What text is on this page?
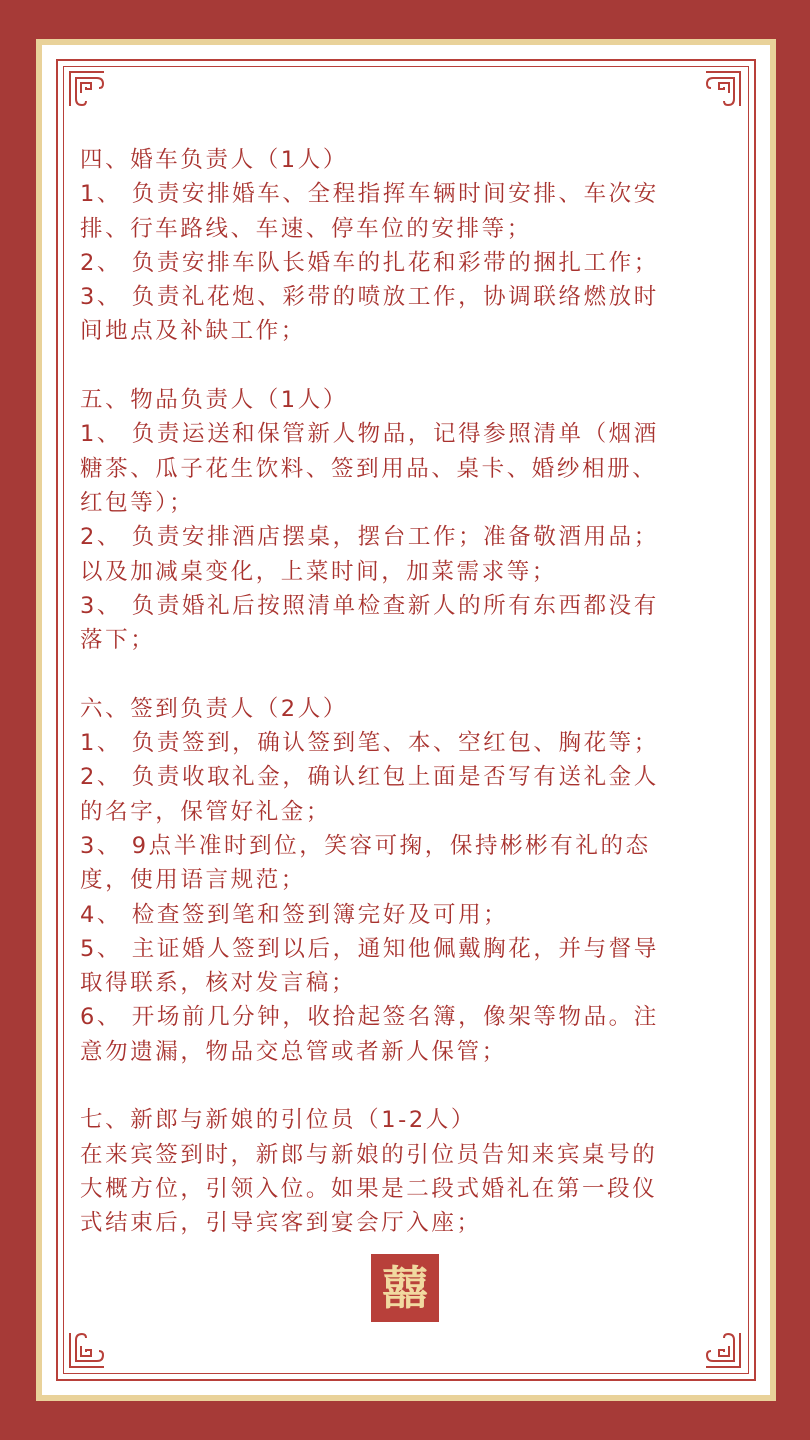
四、婚车负责人（1人）
1、 负责安排婚车、全程指挥车辆时间安排、车次安
排、行车路线、车速、停车位的安排等；
2、 负责安排车队长婚车的扎花和彩带的捆扎工作；
3、 负责礼花炮、彩带的喷放工作，协调联络燃放时
间地点及补缺工作；
五、物品负责人（1人）
1、 负责运送和保管新人物品，记得参照清单（烟酒
糖茶、瓜子花生饮料、签到用品、桌卡、婚纱相册、
红包等）；
2、 负责安排酒店摆桌，摆台工作；准备敬酒用品；
以及加减桌变化，上菜时间，加菜需求等；
3、 负责婚礼后按照清单检查新人的所有东西都没有
落下；
六、签到负责人（2人）
1、 负责签到，确认签到笔、本、空红包、胸花等；
2、 负责收取礼金，确认红包上面是否写有送礼金人
的名字，保管好礼金；
3、 9点半准时到位，笑容可掬，保持彬彬有礼的态
度，使用语言规范；
4、 检查签到笔和签到簿完好及可用；
5、 主证婚人签到以后，通知他佩戴胸花，并与督导
取得联系，核对发言稿；
6、 开场前几分钟，收拾起签名簿，像架等物品。注
意勿遗漏，物品交总管或者新人保管；
七、新郎与新娘的引位员（1-2人）
在来宾签到时，新郎与新娘的引位员告知来宾桌号的
大概方位，引领入位。如果是二段式婚礼在第一段仪
式结束后，引导宾客到宴会厅入座；
囍
